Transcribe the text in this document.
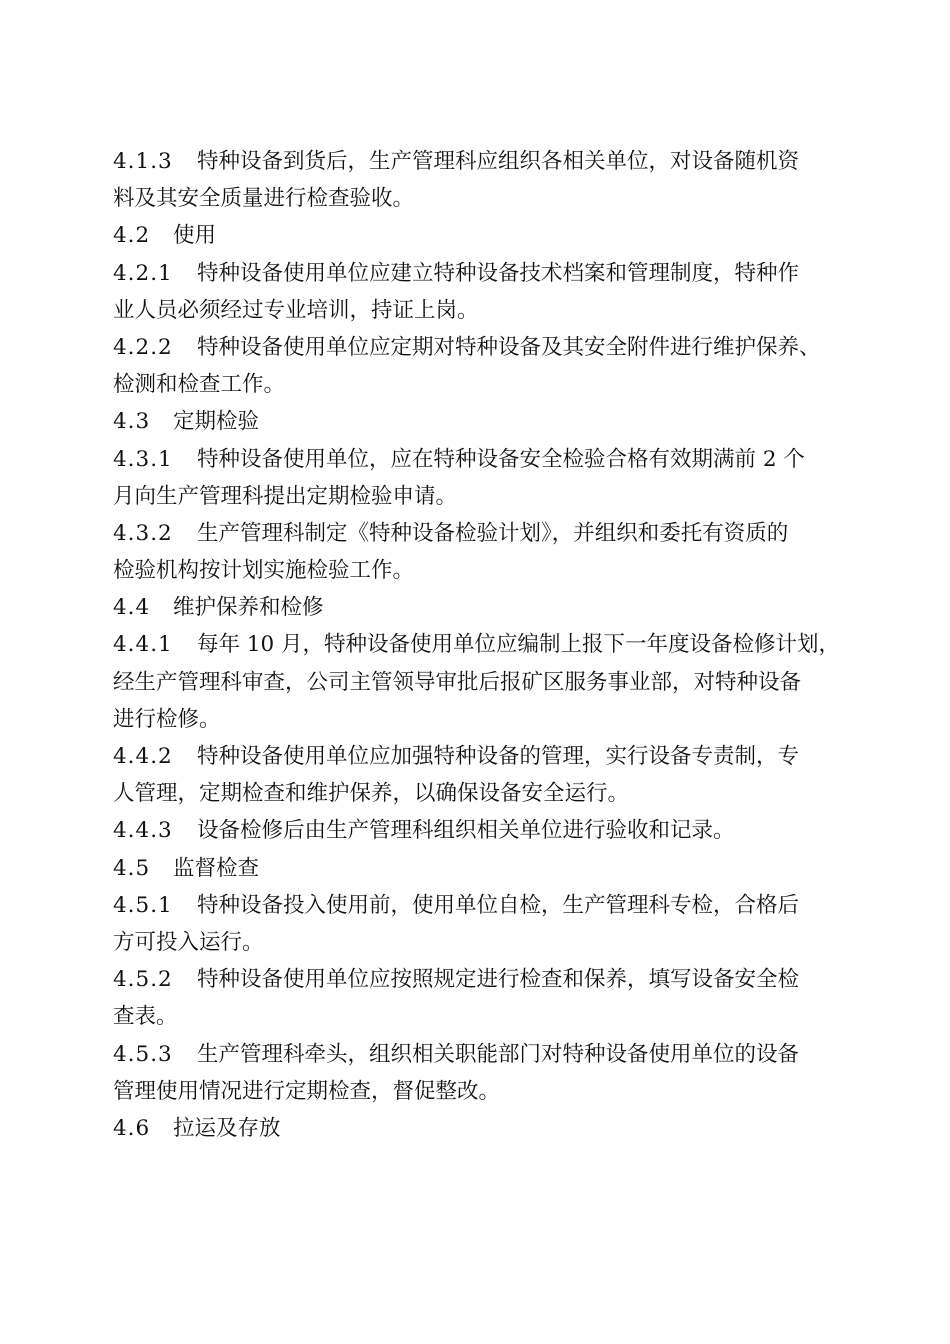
4.1.3 特种设备到货后，生产管理科应组织各相关单位，对设备随机资
料及其安全质量进行检查验收。
4.2 使用
4.2.1 特种设备使用单位应建立特种设备技术档案和管理制度，特种作
业人员必须经过专业培训，持证上岗。
4.2.2 特种设备使用单位应定期对特种设备及其安全附件进行维护保养、
检测和检查工作。
4.3 定期检验
4.3.1 特种设备使用单位，应在特种设备安全检验合格有效期满前 2 个
月向生产管理科提出定期检验申请。
4.3.2 生产管理科制定《特种设备检验计划》，并组织和委托有资质的
检验机构按计划实施检验工作。
4.4 维护保养和检修
4.4.1 每年 10 月，特种设备使用单位应编制上报下一年度设备检修计划，
经生产管理科审查，公司主管领导审批后报矿区服务事业部，对特种设备
进行检修。
4.4.2 特种设备使用单位应加强特种设备的管理，实行设备专责制，专
人管理，定期检查和维护保养，以确保设备安全运行。
4.4.3 设备检修后由生产管理科组织相关单位进行验收和记录。
4.5 监督检查
4.5.1 特种设备投入使用前，使用单位自检，生产管理科专检，合格后
方可投入运行。
4.5.2 特种设备使用单位应按照规定进行检查和保养，填写设备安全检
查表。
4.5.3 生产管理科牵头，组织相关职能部门对特种设备使用单位的设备
管理使用情况进行定期检查，督促整改。
4.6 拉运及存放
